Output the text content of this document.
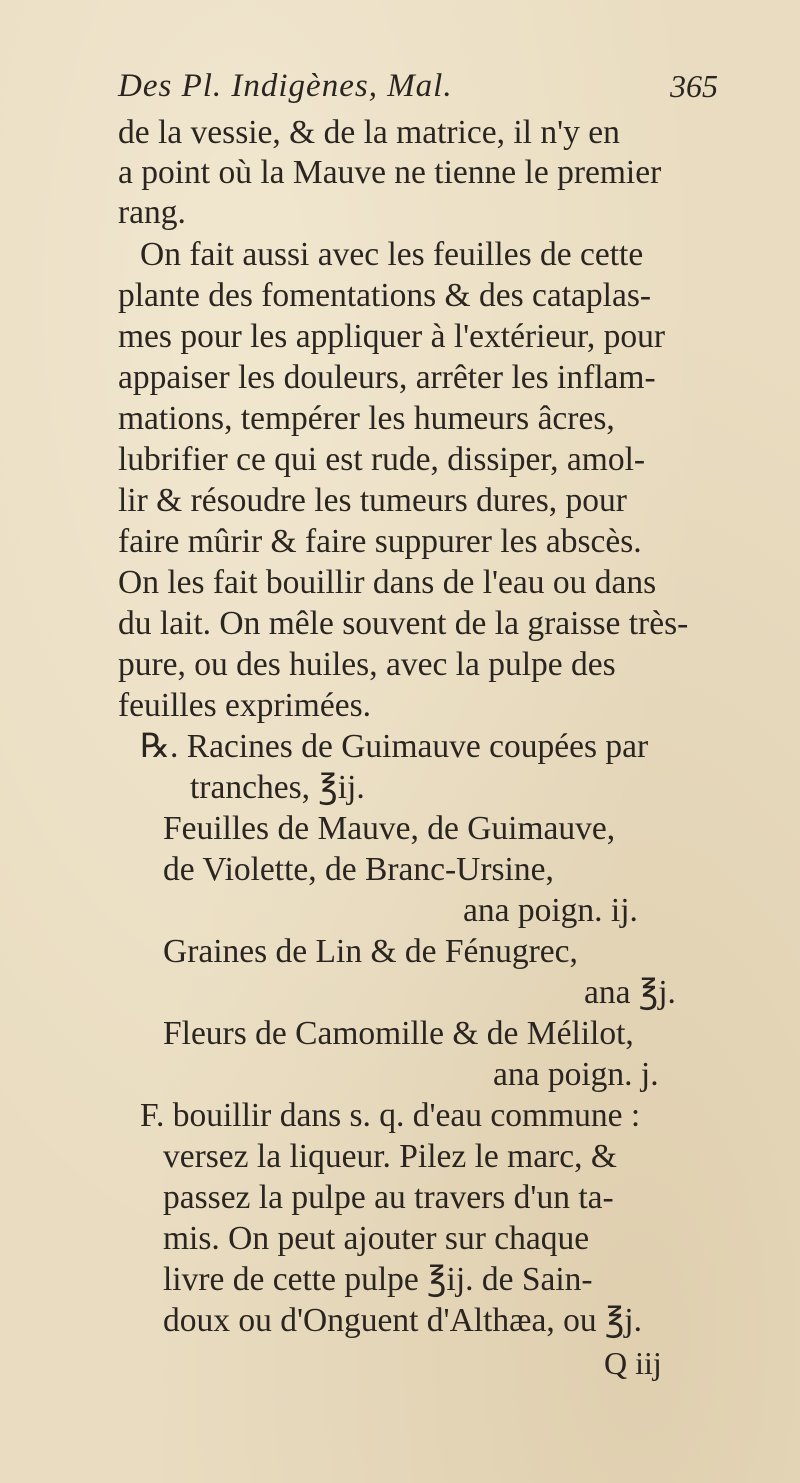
Des Pl. Indigènes, Mal.	365
de la vessie, & de la matrice, il n'y en
a point où la Mauve ne tienne le premier
rang.
On fait aussi avec les feuilles de cette
plante des fomentations & des cataplas-
mes pour les appliquer à l'extérieur, pour
appaiser les douleurs, arrêter les inflam-
mations, tempérer les humeurs âcres,
lubrifier ce qui est rude, dissiper, amol-
lir & résoudre les tumeurs dures, pour
faire mûrir & faire suppurer les abscès.
On les fait bouillir dans de l'eau ou dans
du lait. On mêle souvent de la graisse très-
pure, ou des huiles, avec la pulpe des
feuilles exprimées.
℞. Racines de Guimauve coupées par
tranches, ℥ij.
Feuilles de Mauve, de Guimauve,
de Violette, de Branc-Ursine,
ana poign. ij.
Graines de Lin & de Fénugrec,
ana ℥j.
Fleurs de Camomille & de Mélilot,
ana poign. j.
F. bouillir dans s. q. d'eau commune :
versez la liqueur. Pilez le marc, &
passez la pulpe au travers d'un ta-
mis. On peut ajouter sur chaque
livre de cette pulpe ℥ij. de Sain-
doux ou d'Onguent d'Althæa, ou ℥j.
Q iij
